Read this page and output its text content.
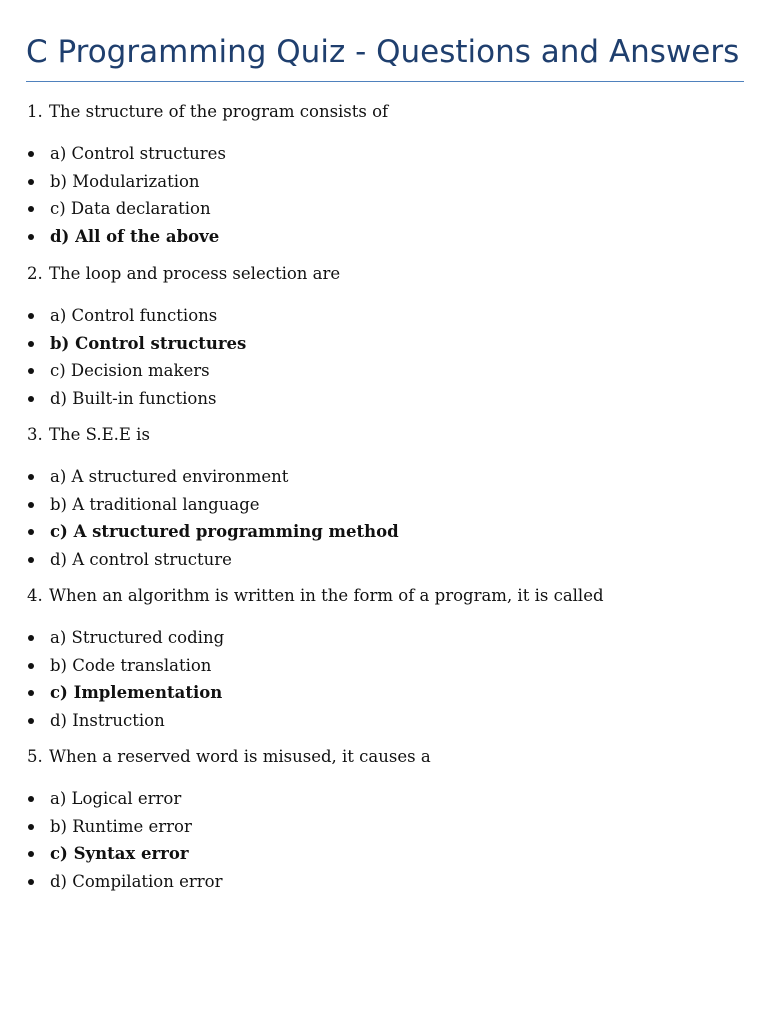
C Programming Quiz - Questions and Answers

1. The structure of the program consists of

a) Control structures
b) Modularization
c) Data declaration
d) All of the above

2. The loop and process selection are

a) Control functions
b) Control structures
c) Decision makers
d) Built-in functions

3. The S.E.E is

a) A structured environment
b) A traditional language
c) A structured programming method
d) A control structure

4. When an algorithm is written in the form of a program, it is called

a) Structured coding
b) Code translation
c) Implementation
d) Instruction

5. When a reserved word is misused, it causes a

a) Logical error
b) Runtime error
c) Syntax error
d) Compilation error
